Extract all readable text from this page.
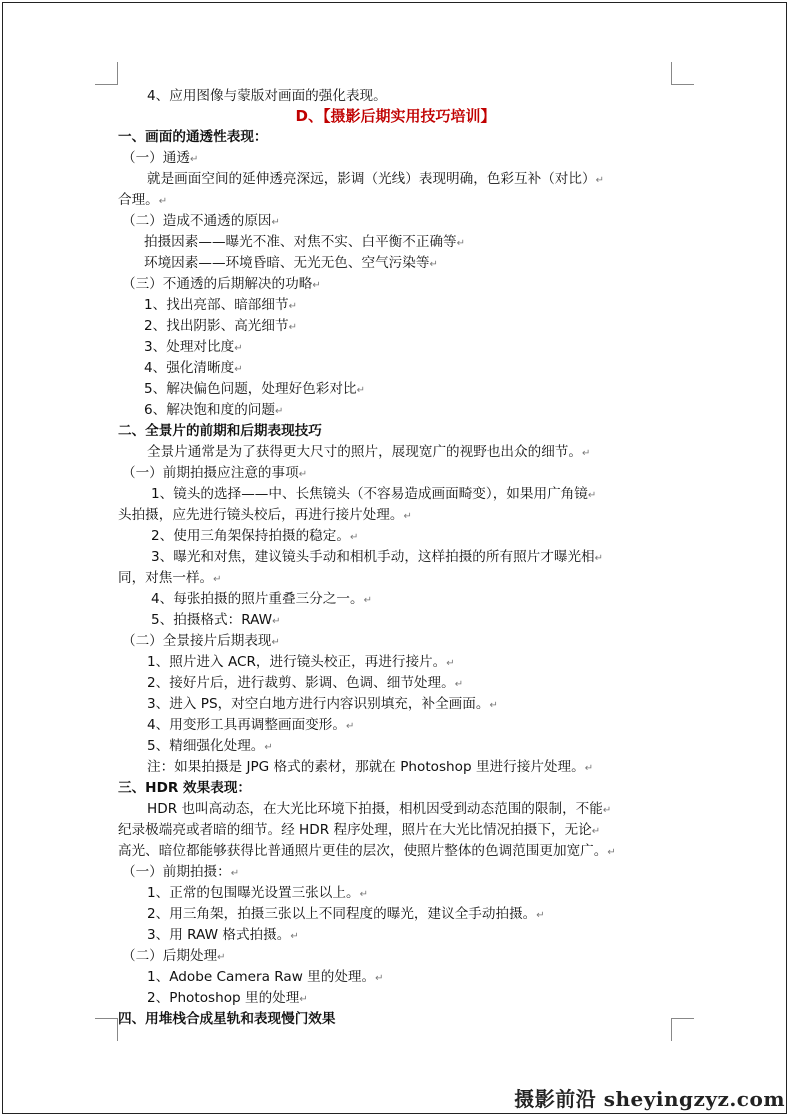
4、应用图像与蒙版对画面的强化表现。
D、【摄影后期实用技巧培训】
一、画面的通透性表现：
（一）通透↵
就是画面空间的延伸透亮深远，影调（光线）表现明确，色彩互补（对比）↵
合理。↵
（二）造成不通透的原因↵
拍摄因素——曝光不准、对焦不实、白平衡不正确等↵
环境因素——环境昏暗、无光无色、空气污染等↵
（三）不通透的后期解决的功略↵
1、找出亮部、暗部细节↵
2、找出阴影、高光细节↵
3、处理对比度↵
4、强化清晰度↵
5、解决偏色问题，处理好色彩对比↵
6、解决饱和度的问题↵
二、全景片的前期和后期表现技巧
全景片通常是为了获得更大尺寸的照片，展现宽广的视野也出众的细节。↵
（一）前期拍摄应注意的事项↵
1、镜头的选择——中、长焦镜头（不容易造成画面畸变），如果用广角镜↵
头拍摄，应先进行镜头校后，再进行接片处理。↵
2、使用三角架保持拍摄的稳定。↵
3、曝光和对焦，建议镜头手动和相机手动，这样拍摄的所有照片才曝光相↵
同，对焦一样。↵
4、每张拍摄的照片重叠三分之一。↵
5、拍摄格式：RAW↵
（二）全景接片后期表现↵
1、照片进入 ACR，进行镜头校正，再进行接片。↵
2、接好片后，进行裁剪、影调、色调、细节处理。↵
3、进入 PS，对空白地方进行内容识别填充，补全画面。↵
4、用变形工具再调整画面变形。↵
5、精细强化处理。↵
注：如果拍摄是 JPG 格式的素材，那就在 Photoshop 里进行接片处理。↵
三、HDR 效果表现：
HDR 也叫高动态，在大光比环境下拍摄，相机因受到动态范围的限制，不能↵
纪录极端亮或者暗的细节。经 HDR 程序处理，照片在大光比情况拍摄下，无论↵
高光、暗位都能够获得比普通照片更佳的层次，使照片整体的色调范围更加宽广。↵
（一）前期拍摄：↵
1、正常的包围曝光设置三张以上。↵
2、用三角架，拍摄三张以上不同程度的曝光，建议全手动拍摄。↵
3、用 RAW 格式拍摄。↵
（二）后期处理↵
1、Adobe Camera Raw 里的处理。↵
2、Photoshop 里的处理↵
四、用堆栈合成星轨和表现慢门效果
摄影前沿 sheyingzyz.com
